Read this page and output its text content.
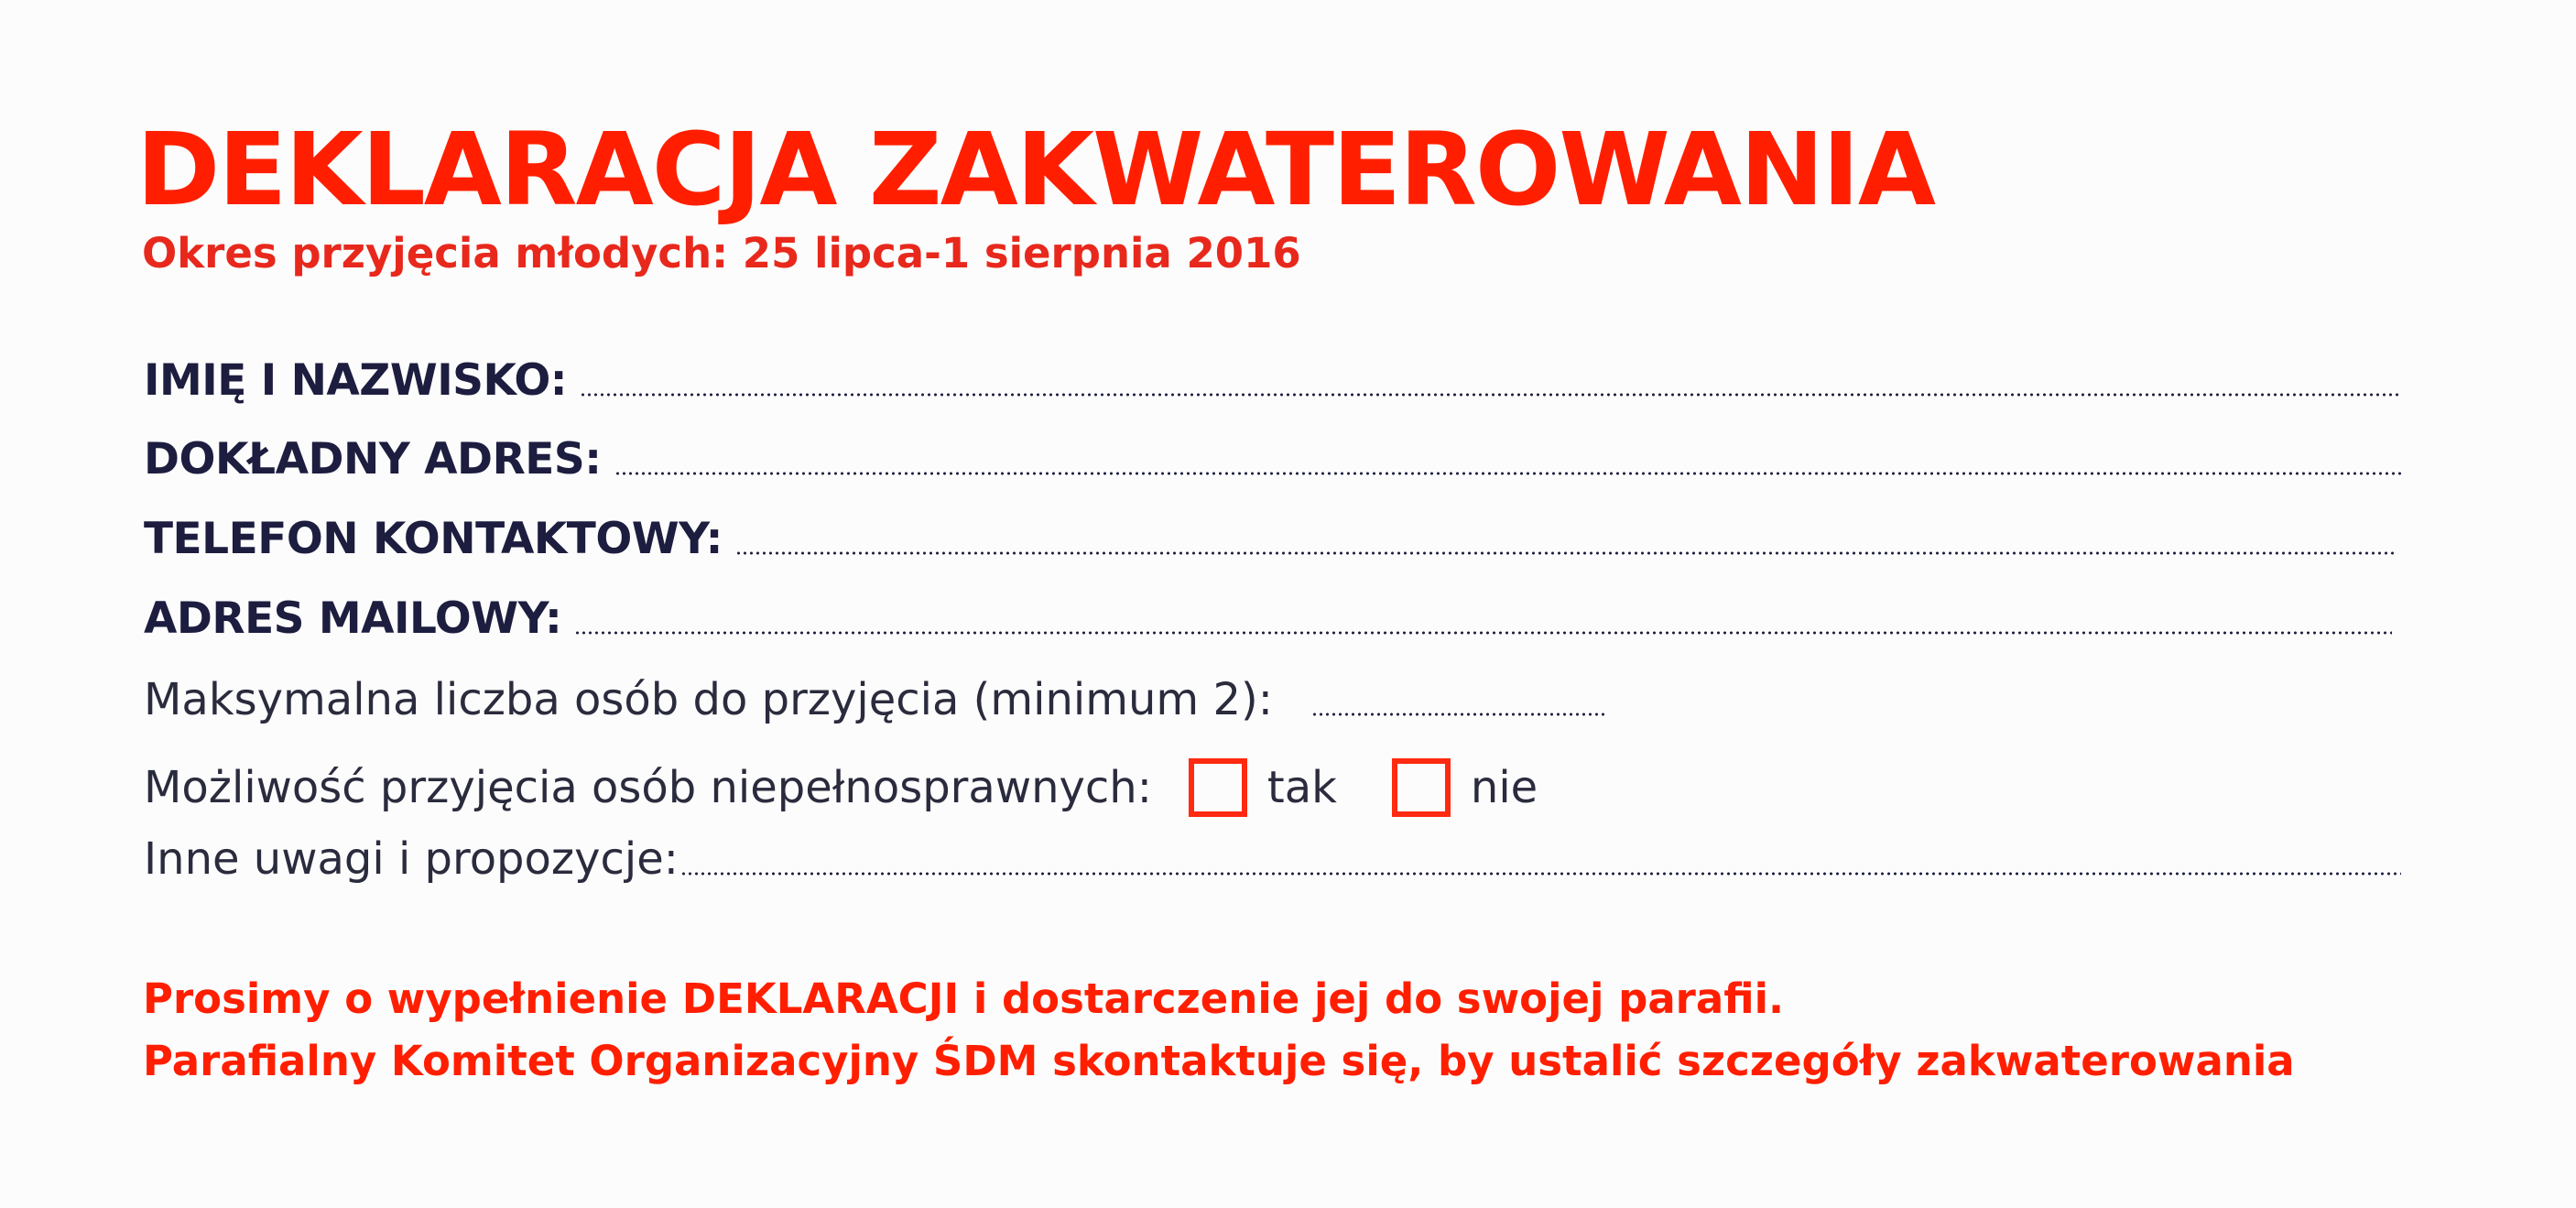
DEKLARACJA ZAKWATEROWANIA
Okres przyjęcia młodych: 25 lipca-1 sierpnia 2016
IMIĘ I NAZWISKO:
DOKŁADNY ADRES:
TELEFON KONTAKTOWY:
ADRES MAILOWY:
Maksymalna liczba osób do przyjęcia (minimum 2):
Możliwość przyjęcia osób niepełnosprawnych:	tak	nie
Inne uwagi i propozycje:
Prosimy o wypełnienie DEKLARACJI i dostarczenie jej do swojej parafii.
Parafialny Komitet Organizacyjny ŚDM skontaktuje się, by ustalić szczegóły zakwaterowania
